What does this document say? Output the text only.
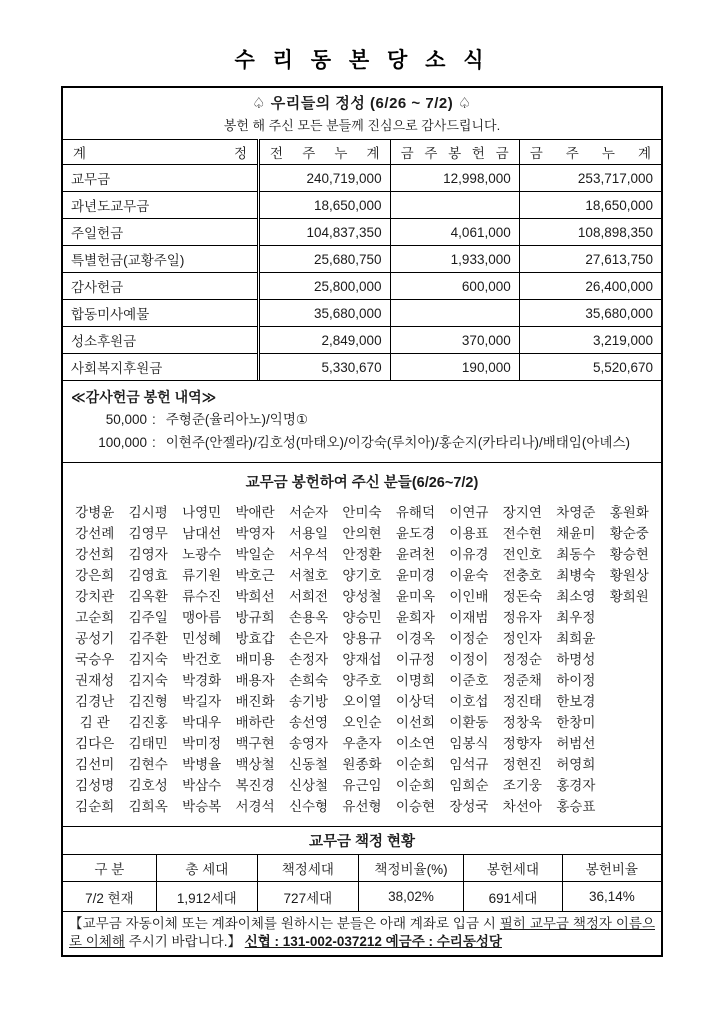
수 리 동 본 당 소 식
♤ 우리들의 정성 (6/26 ~ 7/2) ♤
봉헌 해 주신 모든 분들께 진심으로 감사드립니다.
계 정	전 주 누 계	금 주 봉 헌 금	금 주 누 계
교무금	240,719,000	12,998,000	253,717,000
과년도교무금	18,650,000		18,650,000
주일헌금	104,837,350	4,061,000	108,898,350
특별헌금(교황주일)	25,680,750	1,933,000	27,613,750
감사헌금	25,800,000	600,000	26,400,000
합동미사예물	35,680,000		35,680,000
성소후원금	2,849,000	370,000	3,219,000
사회복지후원금	5,330,670	190,000	5,520,670
≪감사헌금 봉헌 내역≫
50,000 : 주형준(율리아노)/익명①
100,000 : 이현주(안젤라)/김호성(마태오)/이강숙(루치아)/홍순지(카타리나)/배태임(아녜스)
교무금 봉헌하여 주신 분들(6/26~7/2)
강병윤	김시평	나영민	박애란	서순자	안미숙	유해덕	이연규	장지연	차영준	홍원화
강선례	김영무	남대선	박영자	서용일	안의현	윤도경	이용표	전수현	채윤미	황순중
강선희	김영자	노광수	박일순	서우석	안정환	윤려천	이유경	전인호	최동수	황승현
강은희	김영효	류기원	박호근	서철호	양기호	윤미경	이윤숙	전충호	최병숙	황원상
강치관	김옥환	류수진	박희선	서희전	양성철	윤미옥	이인배	정돈숙	최소영	황희원
고순희	김주일	맹아름	방규희	손용옥	양승민	윤희자	이재범	정유자	최우정
공성기	김주환	민성혜	방효갑	손은자	양용규	이경옥	이정순	정인자	최희윤
국승우	김지숙	박건호	배미용	손정자	양재섭	이규정	이정이	정정순	하명성
권재성	김지숙	박경화	배용자	손희숙	양주호	이명희	이준호	정준채	하이정
김경난	김진형	박길자	배진화	송기방	오이열	이상덕	이호섭	정진태	한보경
김 관	김진홍	박대우	배하란	송선영	오인순	이선희	이환동	정창욱	한창미
김다은	김태민	박미정	백구현	송영자	우춘자	이소연	임봉식	정향자	허범선
김선미	김현수	박병율	백상철	신동철	원종화	이순희	임석규	정현진	허영희
김성명	김호성	박삼수	복진경	신상철	유근임	이순희	임희순	조기웅	홍경자
김순희	김희옥	박승복	서경석	신수형	유선형	이승현	장성국	차선아	홍승표
교무금 책정 현황
구 분	총 세대	책정세대	책정비율(%)	봉헌세대	봉헌비율
7/2 현재	1,912세대	727세대	38,02%	691세대	36,14%

【교무금 자동이체 또는 계좌이체를 원하시는 분들은 아래 계좌로 입금 시 필히 교무금 책정자 이름으로 이체해 주시기 바랍니다.】 신협 : 131-002-037212 예금주 : 수리동성당
